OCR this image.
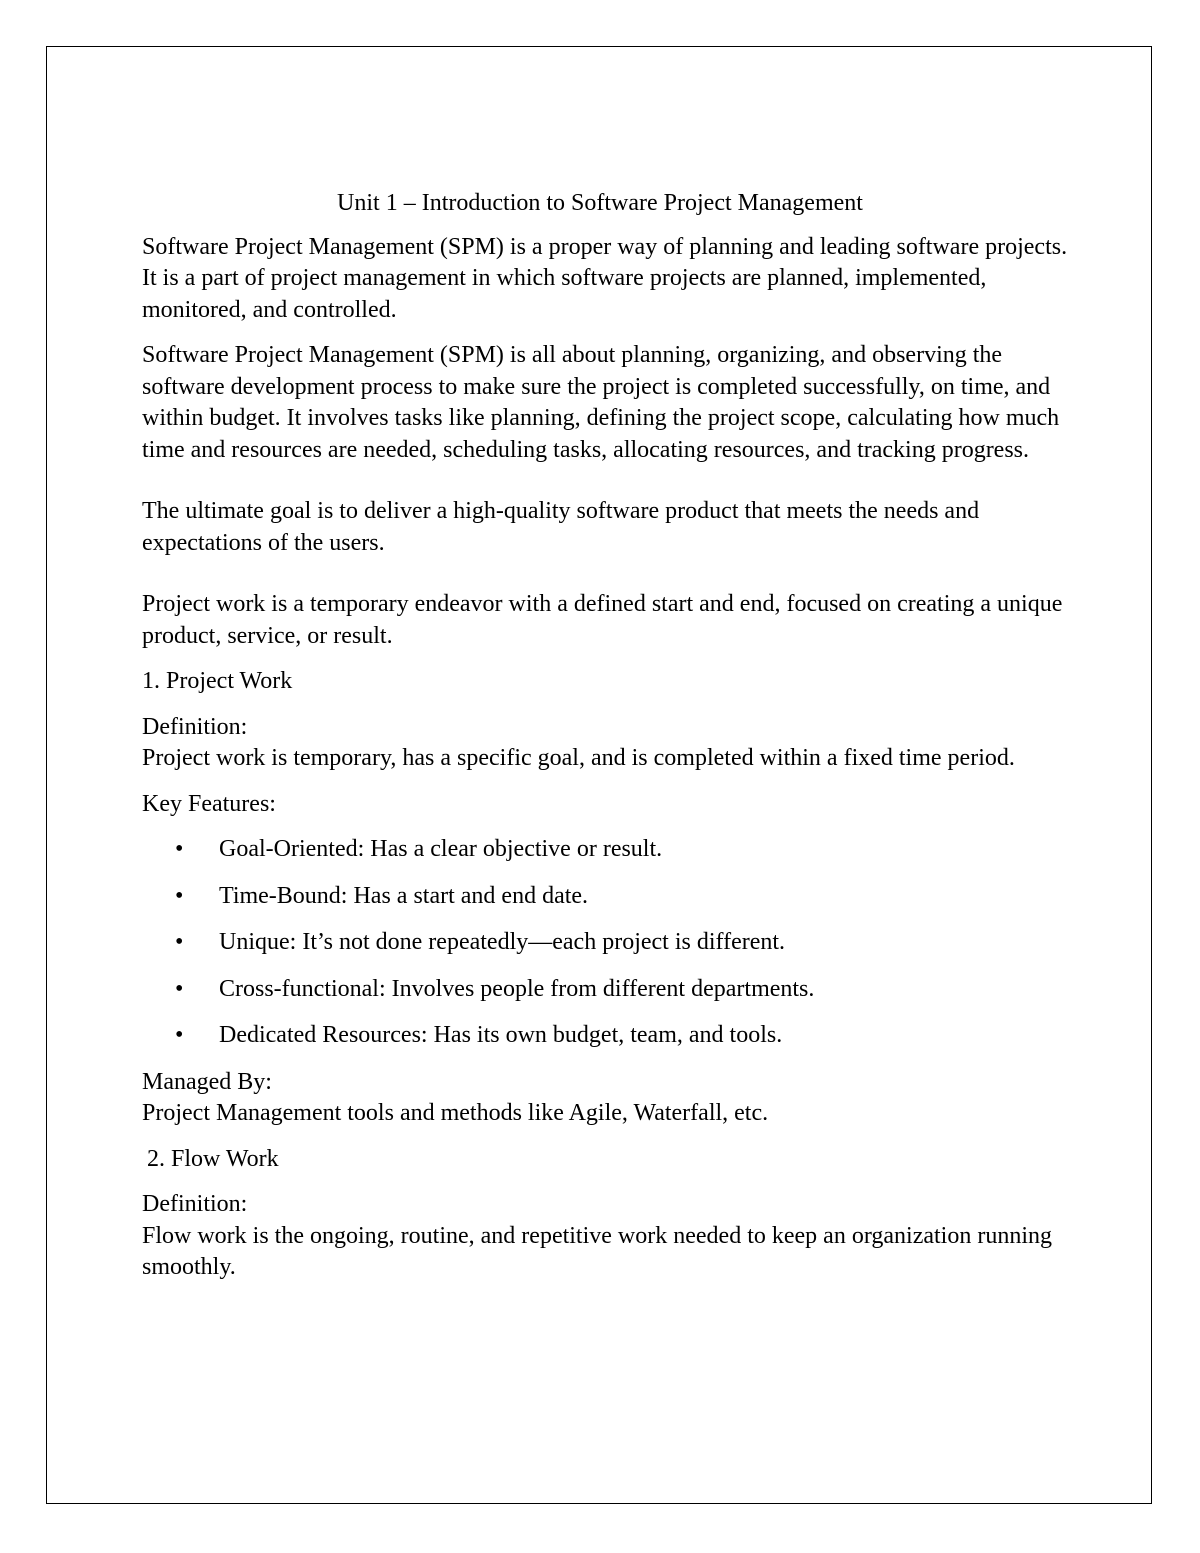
Unit 1 – Introduction to Software Project Management

Software Project Management (SPM) is a proper way of planning and leading software projects. It is a part of project management in which software projects are planned, implemented, monitored, and controlled.

Software Project Management (SPM) is all about planning, organizing, and observing the software development process to make sure the project is completed successfully, on time, and within budget. It involves tasks like planning, defining the project scope, calculating how much time and resources are needed, scheduling tasks, allocating resources, and tracking progress.

The ultimate goal is to deliver a high-quality software product that meets the needs and expectations of the users.

Project work is a temporary endeavor with a defined start and end, focused on creating a unique product, service, or result.

1. Project Work

Definition:
Project work is temporary, has a specific goal, and is completed within a fixed time period.

Key Features:

• Goal-Oriented: Has a clear objective or result.
• Time-Bound: Has a start and end date.
• Unique: It’s not done repeatedly—each project is different.
• Cross-functional: Involves people from different departments.
• Dedicated Resources: Has its own budget, team, and tools.

Managed By:
Project Management tools and methods like Agile, Waterfall, etc.

2. Flow Work

Definition:
Flow work is the ongoing, routine, and repetitive work needed to keep an organization running smoothly.
